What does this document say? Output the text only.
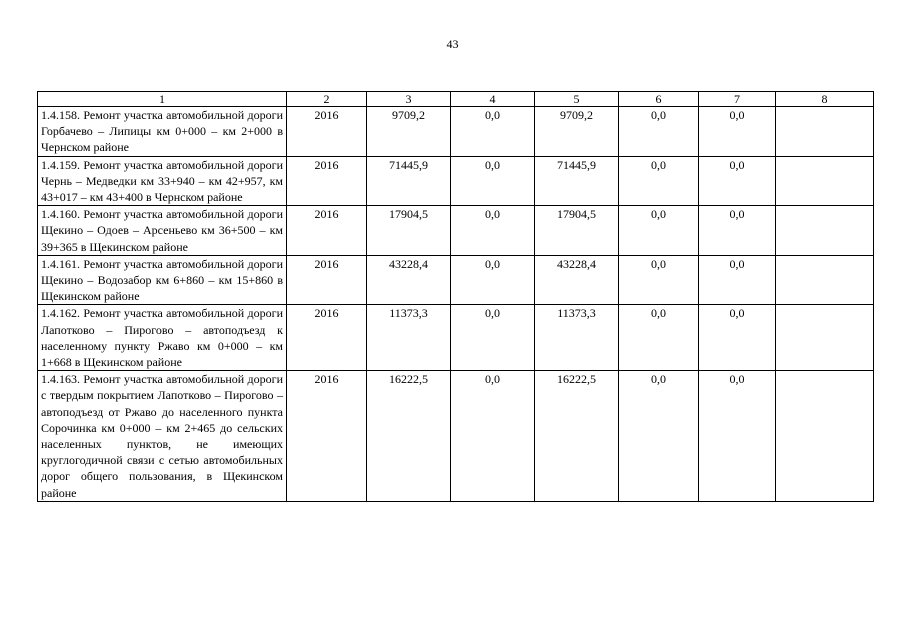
43
1	2	3	4	5	6	7	8
1.4.158. Ремонт участка автомобильной дороги Горбачево – Липицы км 0+000 – км 2+000 в Чернском районе	2016	9709,2	0,0	9709,2	0,0	0,0	
1.4.159. Ремонт участка автомобильной дороги Чернь – Медведки км 33+940 – км 42+957, км 43+017 – км 43+400 в Чернском районе	2016	71445,9	0,0	71445,9	0,0	0,0	
1.4.160. Ремонт участка автомобильной дороги Щекино – Одоев – Арсеньево км 36+500 – км 39+365 в Щекинском районе	2016	17904,5	0,0	17904,5	0,0	0,0	
1.4.161. Ремонт участка автомобильной дороги Щекино – Водозабор км 6+860 – км 15+860 в Щекинском районе	2016	43228,4	0,0	43228,4	0,0	0,0	
1.4.162. Ремонт участка автомобильной дороги Лапотково – Пирогово – автоподъезд к населенному пункту Ржаво км 0+000 – км 1+668 в Щекинском районе	2016	11373,3	0,0	11373,3	0,0	0,0	
1.4.163. Ремонт участка автомобильной дороги с твердым покрытием Лапотково – Пирогово – автоподъезд от Ржаво до населенного пункта Сорочинка км 0+000 – км 2+465 до сельских населенных пунктов, не имеющих круглогодичной связи с сетью автомобильных дорог общего пользования, в Щекинском районе	2016	16222,5	0,0	16222,5	0,0	0,0	
